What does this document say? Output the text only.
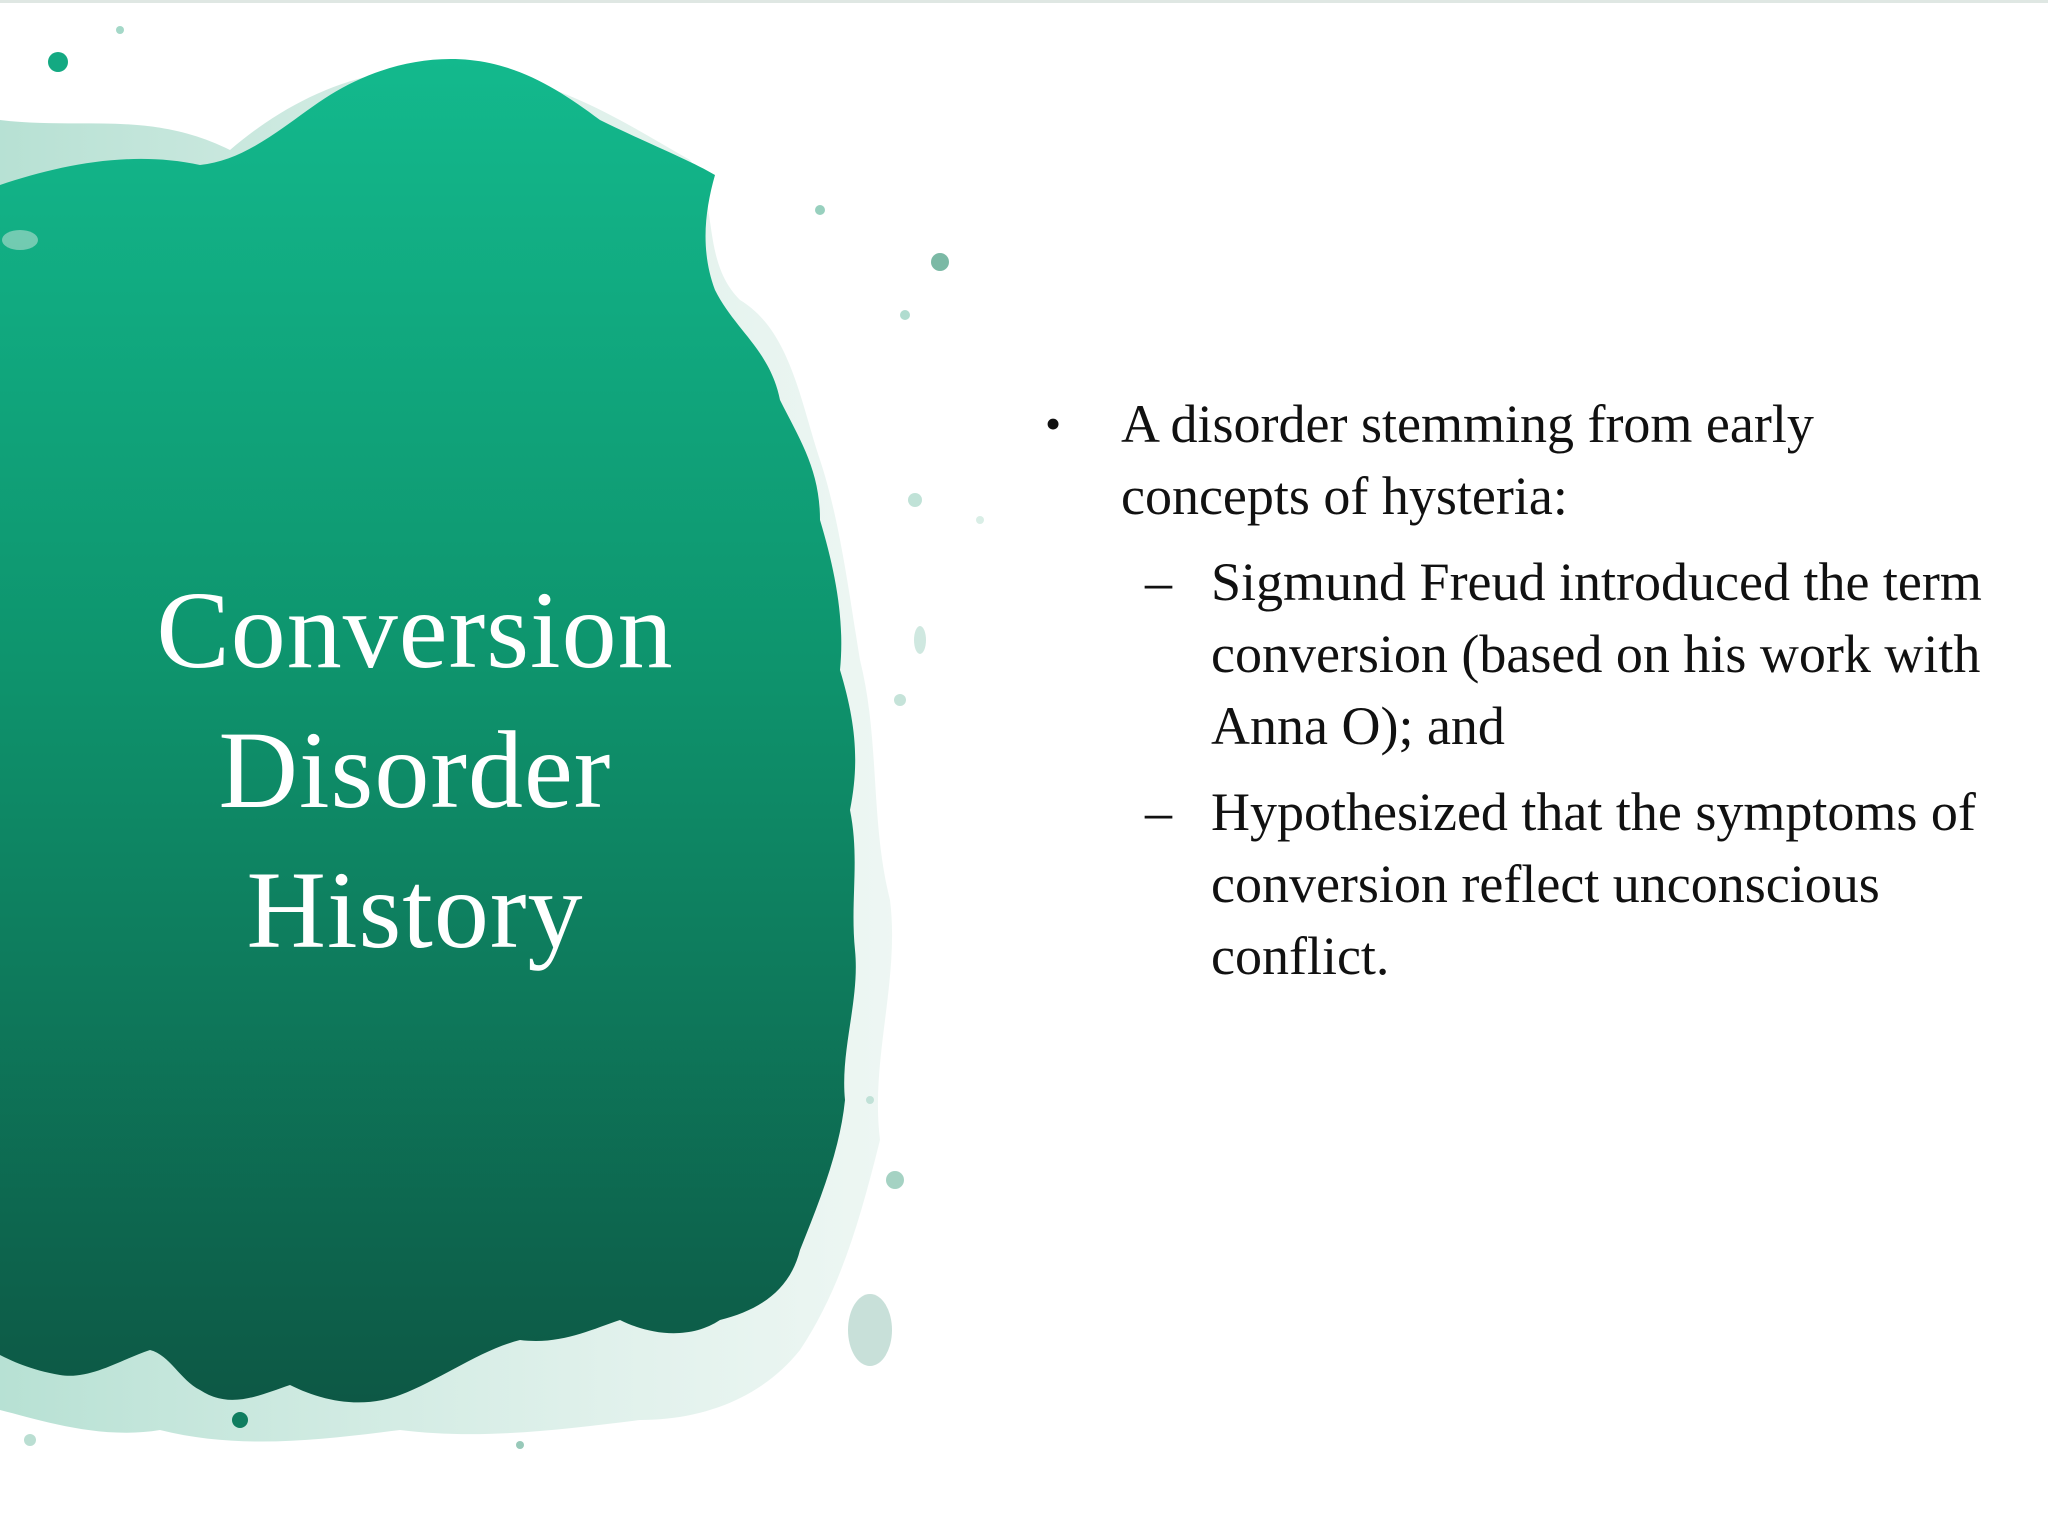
Conversion
Disorder
History
• A disorder stemming from early concepts of hysteria:
– Sigmund Freud introduced the term conversion (based on his work with Anna O); and
– Hypothesized that the symptoms of conversion reflect unconscious conflict.
